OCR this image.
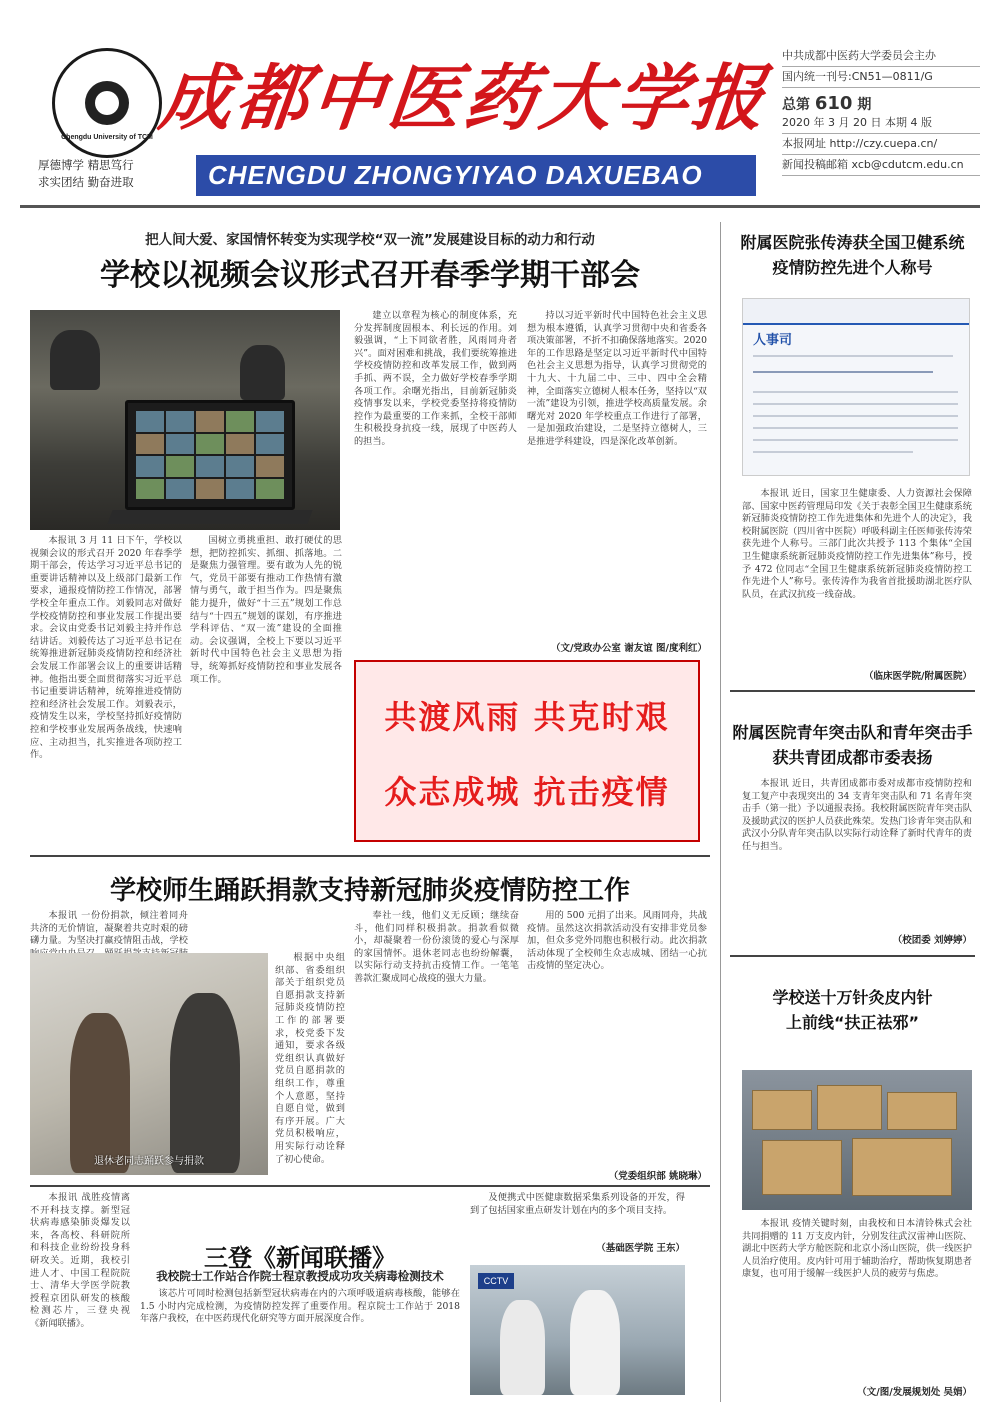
Chengdu University of TCM
厚德博学 精思笃行
求实团结 勤奋进取
成都中医药大学报
CHENGDU ZHONGYIYAO DAXUEBAO
中共成都中医药大学委员会主办
国内统一刊号:CN51—0811/G
总第 610 期
2020 年 3 月 20 日 本期 4 版
本报网址 http://czy.cuepa.cn/
新闻投稿邮箱 xcb@cdutcm.edu.cn
把人间大爱、家国情怀转变为实现学校“双一流”发展建设目标的动力和行动
学校以视频会议形式召开春季学期干部会

本报讯 3 月 11 日下午，学校以视频会议的形式召开 2020 年春季学期干部会，传达学习习近平总书记的重要讲话精神以及上级部门最新工作要求，通报疫情防控工作情况，部署学校全年重点工作。刘毅同志对做好学校疫情防控和事业发展工作提出要求。会议由党委书记刘毅主持并作总结讲话。刘毅传达了习近平总书记在统筹推进新冠肺炎疫情防控和经济社会发展工作部署会议上的重要讲话精神。他指出要全面贯彻落实习近平总书记重要讲话精神，统筹推进疫情防控和经济社会发展工作。刘毅表示，疫情发生以来，学校坚持抓好疫情防控和学校事业发展两条战线，快速响应、主动担当，扎实推进各项防控工作。

国树立勇挑重担、敢打硬仗的思想，把防控抓实、抓细、抓落地。二是聚焦力强管理。要有敢为人先的锐气，党员干部要有推动工作热情有激情与勇气，敢于担当作为。四是聚焦能力提升，做好“十三五”规划工作总结与“十四五”规划的谋划，有序推进学科评估、“双一流”建设的全面推动。会议强调，全校上下要以习近平新时代中国特色社会主义思想为指导，统筹抓好疫情防控和事业发展各项工作。

建立以章程为核心的制度体系，充分发挥制度固根本、利长远的作用。刘毅强调，“上下同欲者胜，风雨同舟者兴”。面对困难和挑战，我们要统筹推进学校疫情防控和改革发展工作，做到两手抓、两不误，全力做好学校春季学期各项工作。余曙光指出，目前新冠肺炎疫情事发以来，学校党委坚持将疫情防控作为最重要的工作来抓，全校干部师生积极投身抗疫一线，展现了中医药人的担当。

持以习近平新时代中国特色社会主义思想为根本遵循，认真学习贯彻中央和省委各项决策部署，不折不扣确保落地落实。2020 年的工作思路是坚定以习近平新时代中国特色社会主义思想为指导，认真学习贯彻党的十九大、十九届二中、三中、四中全会精神，全面落实立德树人根本任务，坚持以“双一流”建设为引领，推进学校高质量发展。余曙光对 2020 年学校重点工作进行了部署，一是加强政治建设，二是坚持立德树人，三是推进学科建设，四是深化改革创新。

（文/党政办公室 谢友谊 图/度利红）
共渡风雨 共克时艰
众志成城 抗击疫情
附属医院张传涛获全国卫健系统
疫情防控先进个人称号
人事司

本报讯 近日，国家卫生健康委、人力资源社会保障部、国家中医药管理局印发《关于表彰全国卫生健康系统新冠肺炎疫情防控工作先进集体和先进个人的决定》，我校附属医院（四川省中医院）呼吸科副主任医师张传涛荣获先进个人称号。三部门此次共授予 113 个集体“全国卫生健康系统新冠肺炎疫情防控工作先进集体”称号，授予 472 位同志“全国卫生健康系统新冠肺炎疫情防控工作先进个人”称号。张传涛作为我省首批援助湖北医疗队队员，在武汉抗疫一线奋战。

（临床医学院/附属医院）
附属医院青年突击队和青年突击手
获共青团成都市委表扬

本报讯 近日，共青团成都市委对成都市疫情防控和复工复产中表现突出的 34 支青年突击队和 71 名青年突击手（第一批）予以通报表扬。我校附属医院青年突击队及援助武汉的医护人员获此殊荣。发热门诊青年突击队和武汉小分队青年突击队以实际行动诠释了新时代青年的责任与担当。

（校团委 刘婷婷）
学校送十万针灸皮内针
上前线“扶正祛邪”

本报讯 疫情关键时刻，由我校和日本清铃株式会社共同捐赠的 11 万支皮内针，分别发往武汉雷神山医院、湖北中医药大学方舱医院和北京小汤山医院，供一线医护人员治疗使用。皮内针可用于辅助治疗，帮助恢复期患者康复，也可用于缓解一线医护人员的疲劳与焦虑。

（文/图/发展规划处 吴娟）
学校师生踊跃捐款支持新冠肺炎疫情防控工作

本报讯 一份份捐款，倾注着同舟共济的无价情谊，凝聚着共克时艰的磅礴力量。为坚决打赢疫情阻击战，学校

退休老同志踊跃参与捐款

根据中央组织部、省委组织部关于组织党员自愿捐款支持新冠肺炎疫情防控工作的部署要求，校党委下发通知，要求各级党组织认真做好党员自愿捐款的组织工作，尊重个人意愿，坚持自愿自觉，做到有序开展。广大党员积极响应，用实际行动诠释了初心使命。

奉社一线，他们义无反顾；继续奋斗，他们同样积极捐款。捐款看似微小，却凝聚着一份份滚烫的爱心与深厚的家国情怀。退休老同志也纷纷解囊，以实际行动支持抗击疫情工作。一笔笔善款汇聚成同心战疫的强大力量。

用的 500 元捐了出来。风雨同舟，共战疫情。虽然这次捐款活动没有安排非党员参加，但众多党外同胞也积极行动。此次捐款活动体现了全校师生众志成城、团结一心抗击疫情的坚定决心。

（党委组织部 姚晓琳）

本报讯 战胜疫情离不开科技支撑。新型冠状病毒感染肺炎爆发以来，各高校、科研院所和科技企业纷纷投身科研攻关。近期，我校引进人才、中国工程院院士、清华大学医学院教授程京团队研发的核酸检测芯片，三登央视《新闻联播》。

三登《新闻联播》
我校院士工作站合作院士程京教授成功攻关病毒检测技术

该芯片可同时检测包括新型冠状病毒在内的六项呼吸道病毒核酸，能够在 1.5 小时内完成检测，为疫情防控发挥了重要作用。程京院士工作站于 2018 年落户我校，在中医药现代化研究等方面开展深度合作。

及便携式中医健康数据采集系列设备的开发，得到了包括国家重点研发计划在内的多个项目支持。

（基础医学院 王东）
CCTV
